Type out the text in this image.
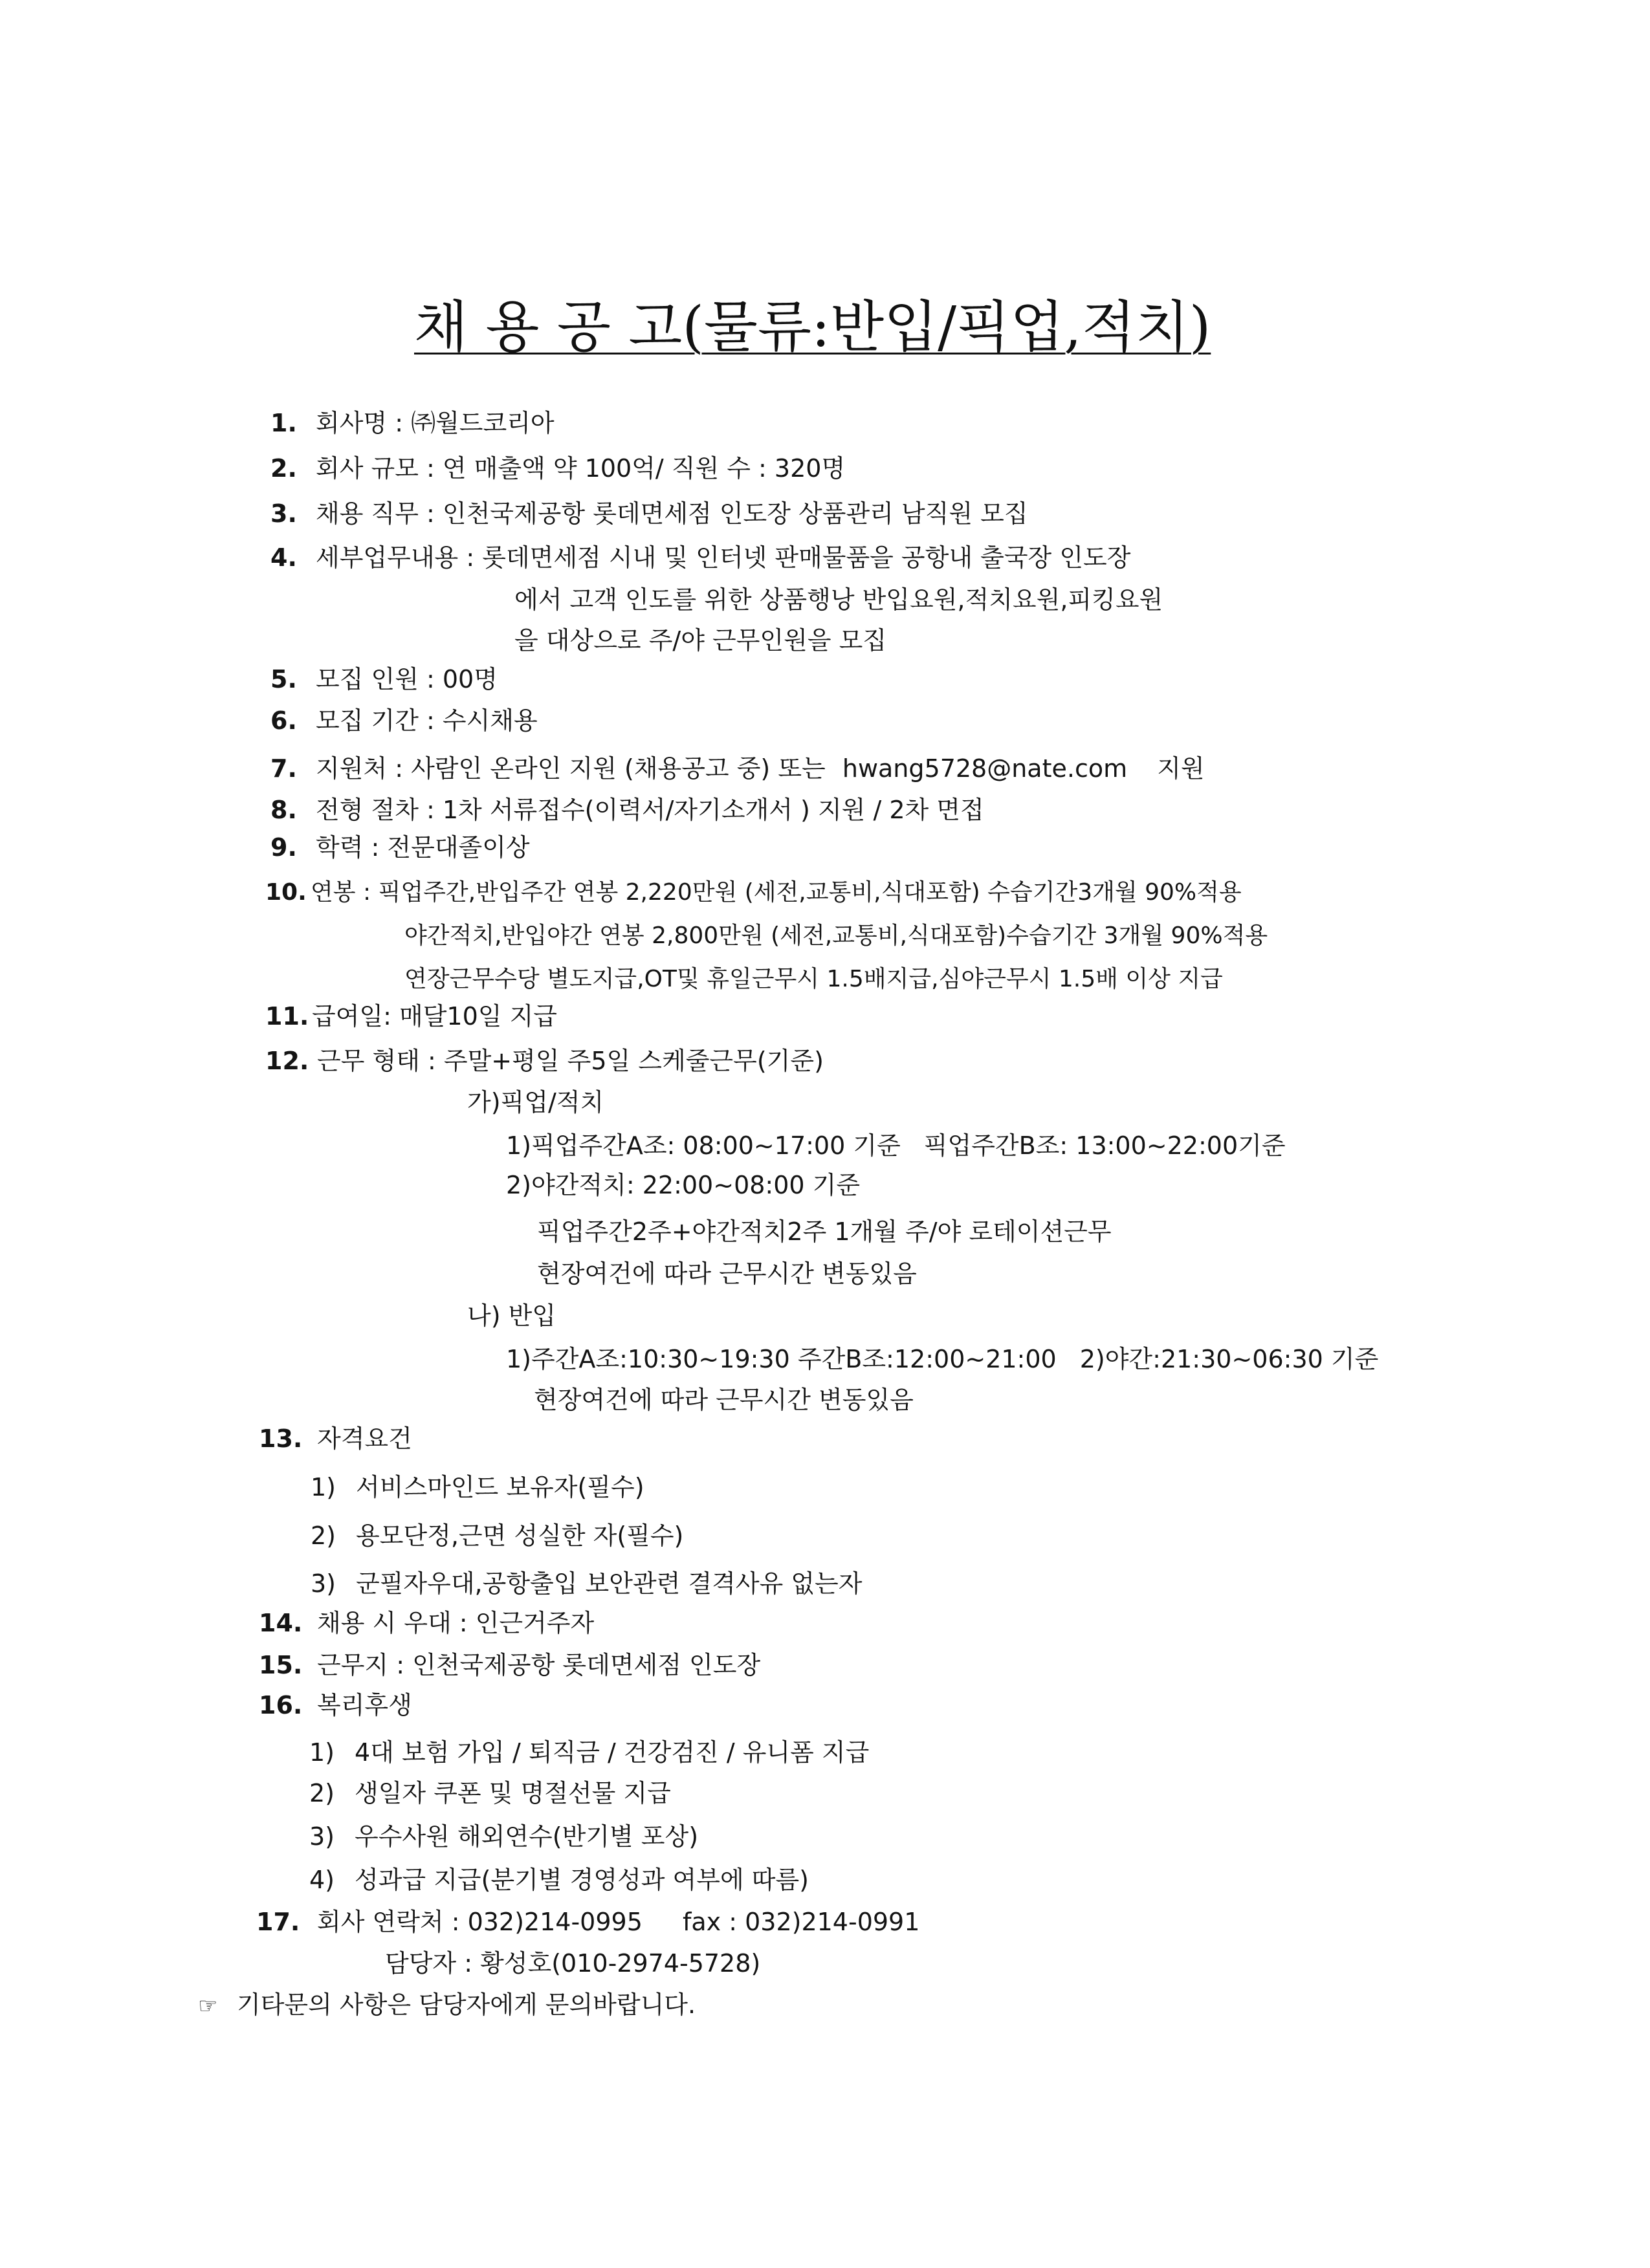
채 용 공 고(물류:반입/픽업,적치)
1. 회사명 : ㈜월드코리아
2. 회사 규모 : 연 매출액 약 100억/ 직원 수 : 320명
3. 채용 직무 : 인천국제공항 롯데면세점 인도장 상품관리 남직원 모집
4. 세부업무내용 : 롯데면세점 시내 및 인터넷 판매물품을 공항내 출국장 인도장
에서 고객 인도를 위한 상품행낭 반입요원,적치요원,피킹요원
을 대상으로 주/야 근무인원을 모집
5. 모집 인원 : 00명
6. 모집 기간 : 수시채용
7. 지원처 : 사람인 온라인 지원 (채용공고 중) 또는 hwang5728@nate.com 지원
8. 전형 절차 : 1차 서류접수(이력서/자기소개서 ) 지원 / 2차 면접
9. 학력 : 전문대졸이상
10. 연봉 : 픽업주간,반입주간 연봉 2,220만원 (세전,교통비,식대포함) 수습기간3개월 90%적용
야간적치,반입야간 연봉 2,800만원 (세전,교통비,식대포함)수습기간 3개월 90%적용
연장근무수당 별도지급,OT및 휴일근무시 1.5배지급,심야근무시 1.5배 이상 지급
11. 급여일: 매달10일 지급
12. 근무 형태 : 주말+평일 주5일 스케줄근무(기준)
가)픽업/적치
1)픽업주간A조: 08:00~17:00 기준 픽업주간B조: 13:00~22:00기준
2)야간적치: 22:00~08:00 기준
픽업주간2주+야간적치2주 1개월 주/야 로테이션근무
현장여건에 따라 근무시간 변동있음
나) 반입
1)주간A조:10:30~19:30 주간B조:12:00~21:00 2)야간:21:30~06:30 기준
현장여건에 따라 근무시간 변동있음
13. 자격요건
1) 서비스마인드 보유자(필수)
2) 용모단정,근면 성실한 자(필수)
3) 군필자우대,공항출입 보안관련 결격사유 없는자
14. 채용 시 우대 : 인근거주자
15. 근무지 : 인천국제공항 롯데면세점 인도장
16. 복리후생
1) 4대 보험 가입 / 퇴직금 / 건강검진 / 유니폼 지급
2) 생일자 쿠폰 및 명절선물 지급
3) 우수사원 해외연수(반기별 포상)
4) 성과급 지급(분기별 경영성과 여부에 따름)
17. 회사 연락처 : 032)214-0995 fax : 032)214-0991
담당자 : 황성호(010-2974-5728)
☞ 기타문의 사항은 담당자에게 문의바랍니다.
